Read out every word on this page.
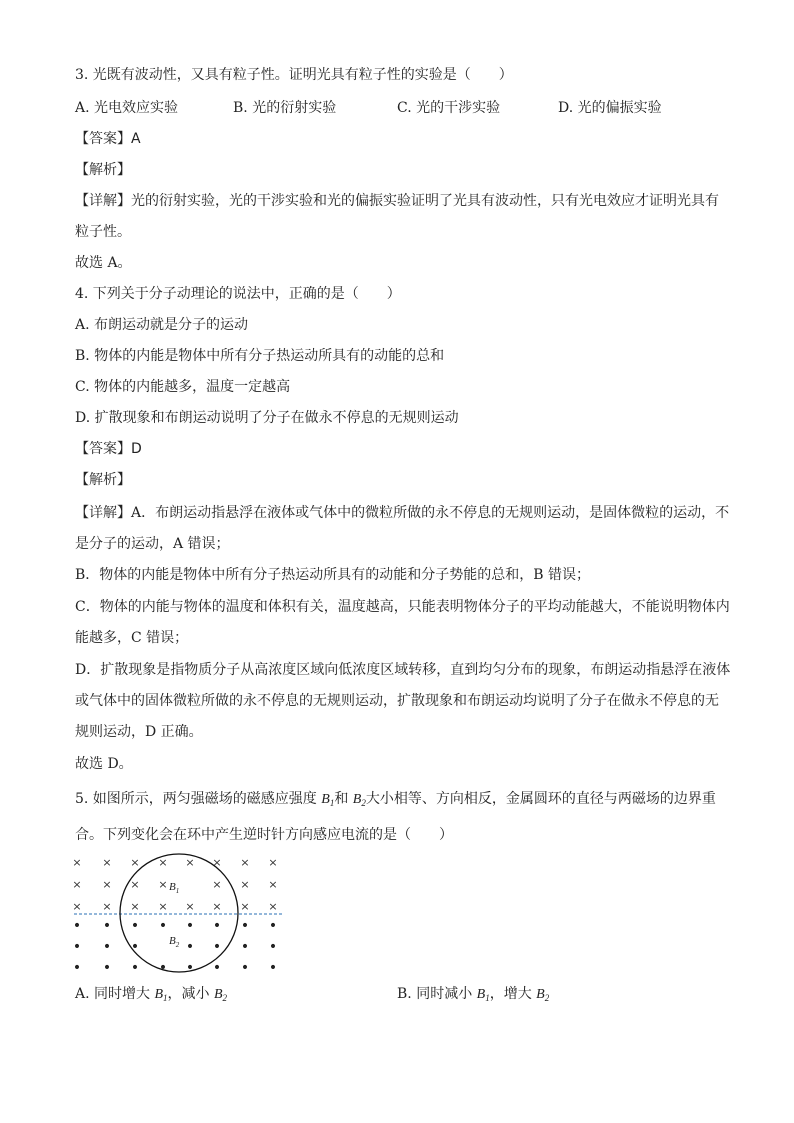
3. 光既有波动性，又具有粒子性。证明光具有粒子性的实验是（　　）
A. 光电效应实验	B. 光的衍射实验	C. 光的干涉实验	D. 光的偏振实验
【答案】A
【解析】
【详解】光的衍射实验，光的干涉实验和光的偏振实验证明了光具有波动性，只有光电效应才证明光具有
粒子性。
故选 A。
4. 下列关于分子动理论的说法中，正确的是（　　）
A. 布朗运动就是分子的运动
B. 物体的内能是物体中所有分子热运动所具有的动能的总和
C. 物体的内能越多，温度一定越高
D. 扩散现象和布朗运动说明了分子在做永不停息的无规则运动
【答案】D
【解析】
【详解】A．布朗运动指悬浮在液体或气体中的微粒所做的永不停息的无规则运动，是固体微粒的运动，不
是分子的运动，A 错误；
B．物体的内能是物体中所有分子热运动所具有的动能和分子势能的总和，B 错误；
C．物体的内能与物体的温度和体积有关，温度越高，只能表明物体分子的平均动能越大，不能说明物体内
能越多，C 错误；
D．扩散现象是指物质分子从高浓度区域向低浓度区域转移，直到均匀分布的现象，布朗运动指悬浮在液体
或气体中的固体微粒所做的永不停息的无规则运动，扩散现象和布朗运动均说明了分子在做永不停息的无
规则运动，D 正确。
故选 D。
5. 如图所示，两匀强磁场的磁感应强度 $B_1$和 $B_2$大小相等、方向相反，金属圆环的直径与两磁场的边界重
合。下列变化会在环中产生逆时针方向感应电流的是（　　）
× × × × × × × ×
× × × ×	× × ×
× × × × × × × ×
• • • • • • • •
• • •	• • • •
• • • • • • • •
$B_1$
$B_2$
A. 同时增大 $B_1$，减小 $B_2$	B. 同时减小 $B_1$，增大 $B_2$
